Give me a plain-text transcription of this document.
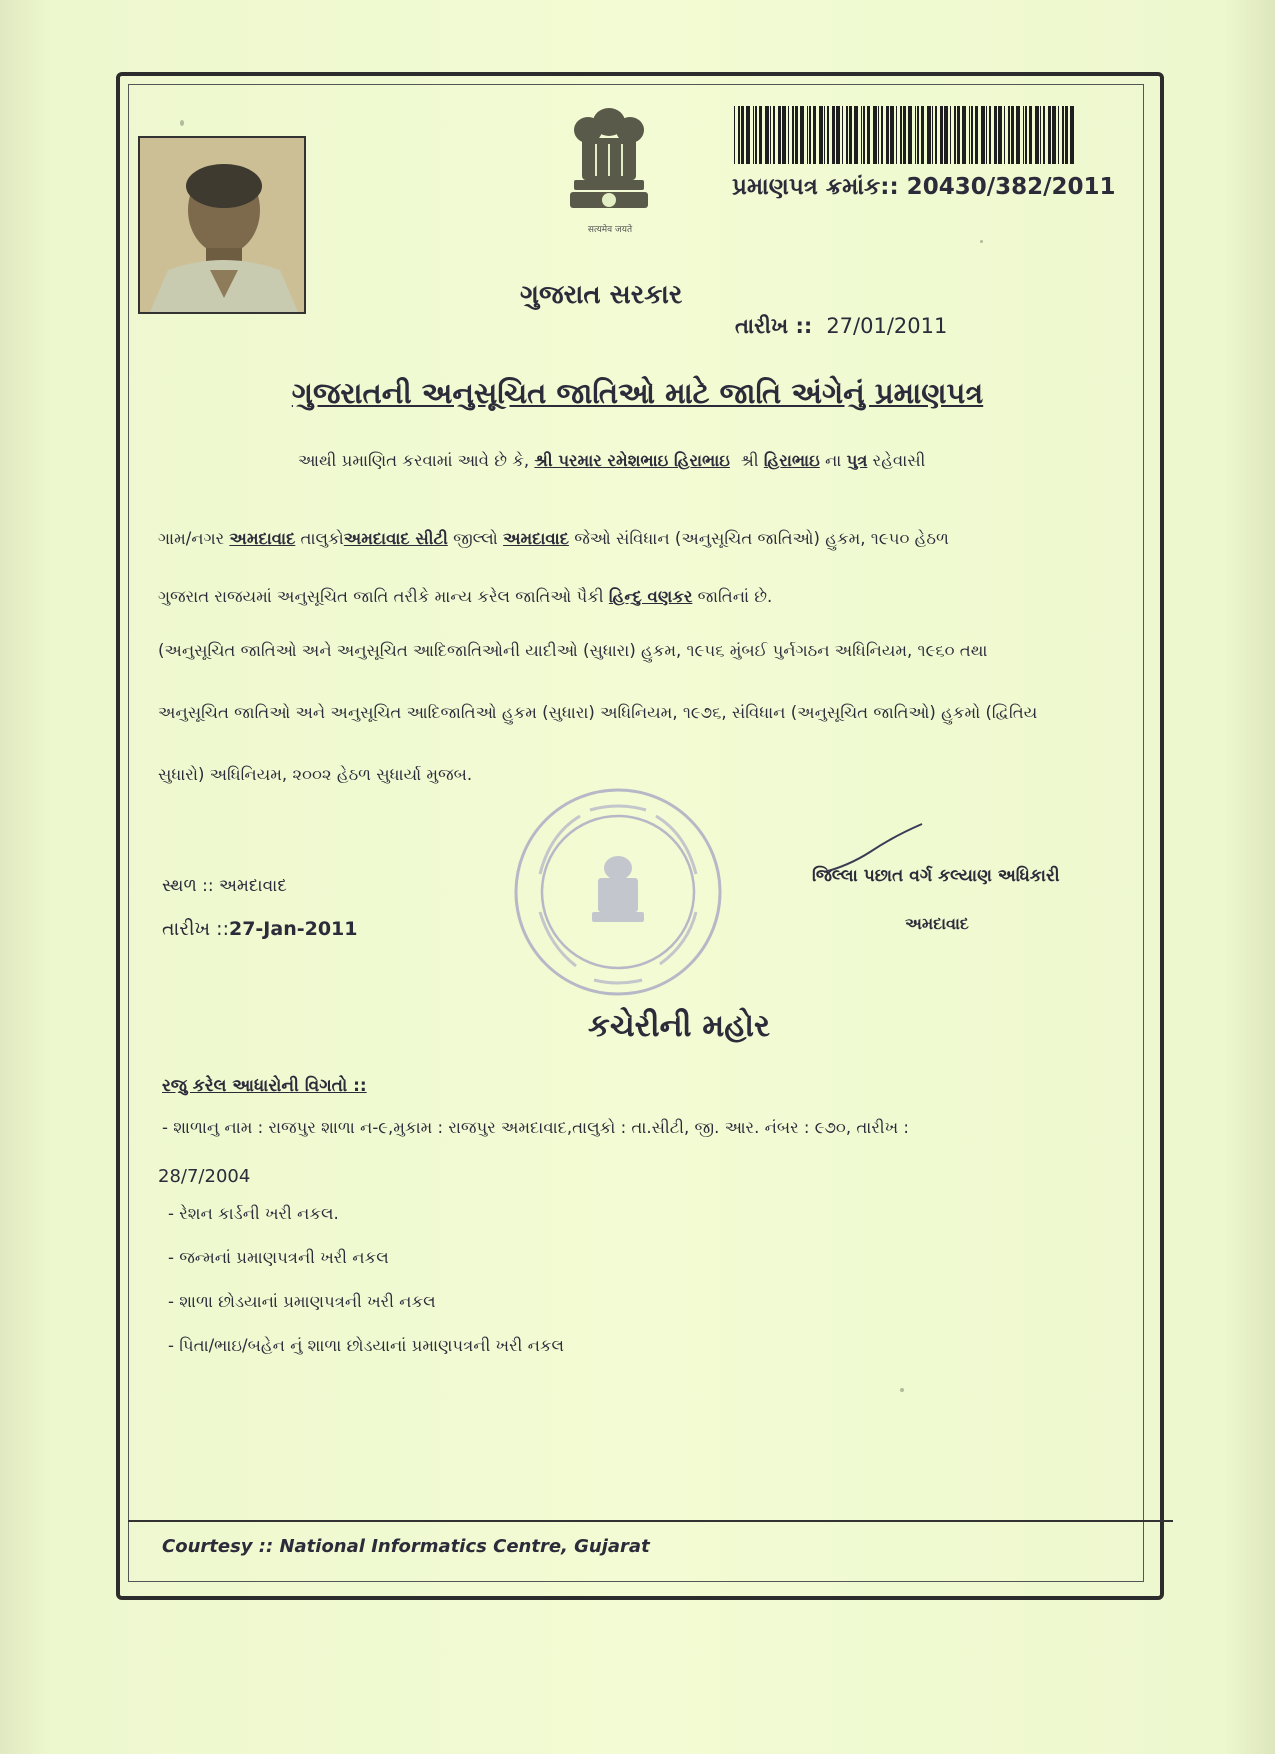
सत्यमेव जयते
પ્રમાણપત્ર ક્રમાંક:: 20430/382/2011
ગુજરાત સરકાર
તારીખ :: 27/01/2011
ગુજરાતની અનુસૂચિત જાતિઓ માટે જાતિ અંગેનું પ્રમાણપત્ર
આથી પ્રમાણિત કરવામાં આવે છે કે, શ્રી પરમાર રમેશભાઇ હિરાભાઇ શ્રી હિરાભાઇ ના પુત્ર રહેવાસી
ગામ/નગર અમદાવાદ તાલુકોઅમદાવાદ સીટી જીલ્લો અમદાવાદ જેઓ સંવિધાન (અનુસૂચિત જાતિઓ) હુકમ, ૧૯૫૦ હેઠળ
ગુજરાત રાજયમાં અનુસૂચિત જાતિ તરીકે માન્ય કરેલ જાતિઓ પૈકી હિન્દુ વણકર જાતિનાં છે.
(અનુસૂચિત જાતિઓ અને અનુસૂચિત આદિજાતિઓની યાદીઓ (સુધારા) હુકમ, ૧૯૫૬ મુંબઈ પુર્નગઠન અધિનિયમ, ૧૯૬૦ તથા
અનુસૂચિત જાતિઓ અને અનુસૂચિત આદિજાતિઓ હુકમ (સુધારા) અધિનિયમ, ૧૯૭૬, સંવિધાન (અનુસૂચિત જાતિઓ) હુકમો (દ્વિતિય
સુધારો) અધિનિયમ, ૨૦૦૨ હેઠળ સુધાર્યા મુજબ.
સ્થળ :: અમદાવાદ
તારીખ ::27-Jan-2011
જિલ્લા પછાત વર્ગ કલ્યાણ અધિકારી
અમદાવાદ
કચેરીની મહોર
રજુ કરેલ આધારોની વિગતો ::
- શાળાનુ નામ : રાજપુર શાળા ન-૯,મુકામ : રાજપુર અમદાવાદ,તાલુકો : તા.સીટી, જી. આર. નંબર : ૯૭૦, તારીખ :
28/7/2004
- રેશન કાર્ડની ખરી નકલ.
- જન્મનાં પ્રમાણપત્રની ખરી નકલ
- શાળા છોડયાનાં પ્રમાણપત્રની ખરી નકલ
- પિતા/ભાઇ/બહેન નું શાળા છોડયાનાં પ્રમાણપત્રની ખરી નકલ
Courtesy :: National Informatics Centre, Gujarat
